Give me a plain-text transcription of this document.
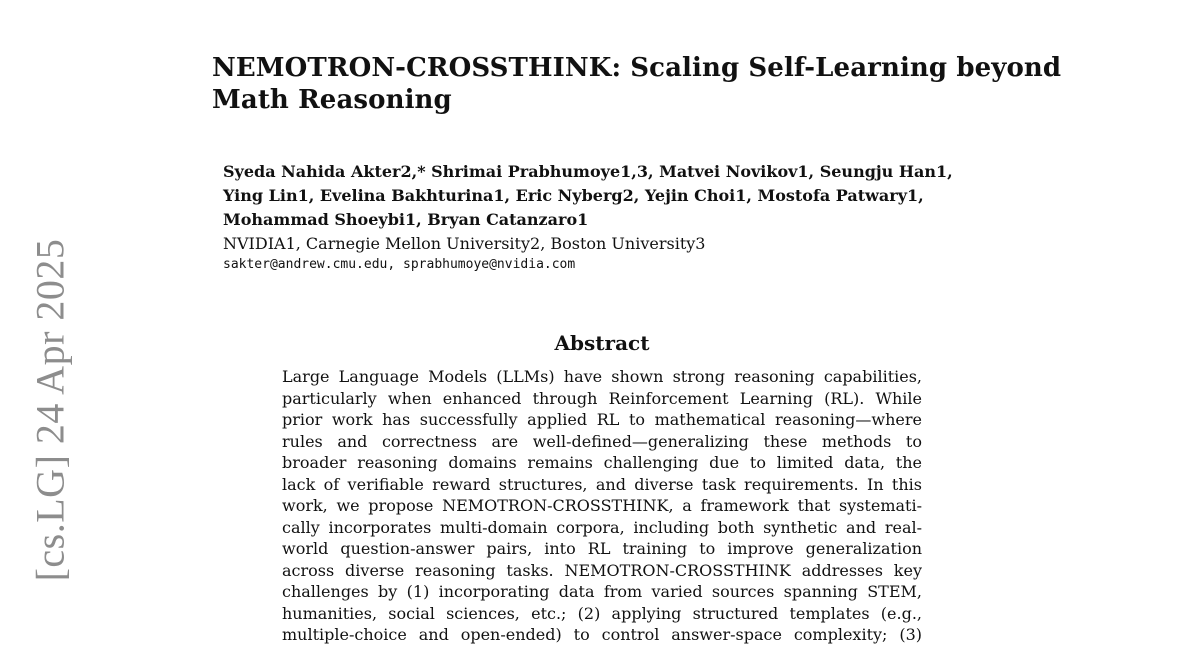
[cs.LG] 24 Apr 2025
NEMOTRON-CROSSTHINK: Scaling Self-Learning beyond
Math Reasoning

Syeda Nahida Akter2,* Shrimai Prabhumoye1,3, Matvei Novikov1, Seungju Han1,

Ying Lin1, Evelina Bakhturina1, Eric Nyberg2, Yejin Choi1, Mostofa Patwary1,

Mohammad Shoeybi1, Bryan Catanzaro1

NVIDIA1, Carnegie Mellon University2, Boston University3

sakter@andrew.cmu.edu, sprabhumoye@nvidia.com

Abstract
Large Language Models (LLMs) have shown strong reasoning capabilities,
particularly when enhanced through Reinforcement Learning (RL). While
prior work has successfully applied RL to mathematical reasoning—where
rules and correctness are well-defined—generalizing these methods to
broader reasoning domains remains challenging due to limited data, the
lack of verifiable reward structures, and diverse task requirements. In this
work, we propose NEMOTRON-CROSSTHINK, a framework that systemati-
cally incorporates multi-domain corpora, including both synthetic and real-
world question-answer pairs, into RL training to improve generalization
across diverse reasoning tasks. NEMOTRON-CROSSTHINK addresses key
challenges by (1) incorporating data from varied sources spanning STEM,
humanities, social sciences, etc.; (2) applying structured templates (e.g.,
multiple-choice and open-ended) to control answer-space complexity; (3)
